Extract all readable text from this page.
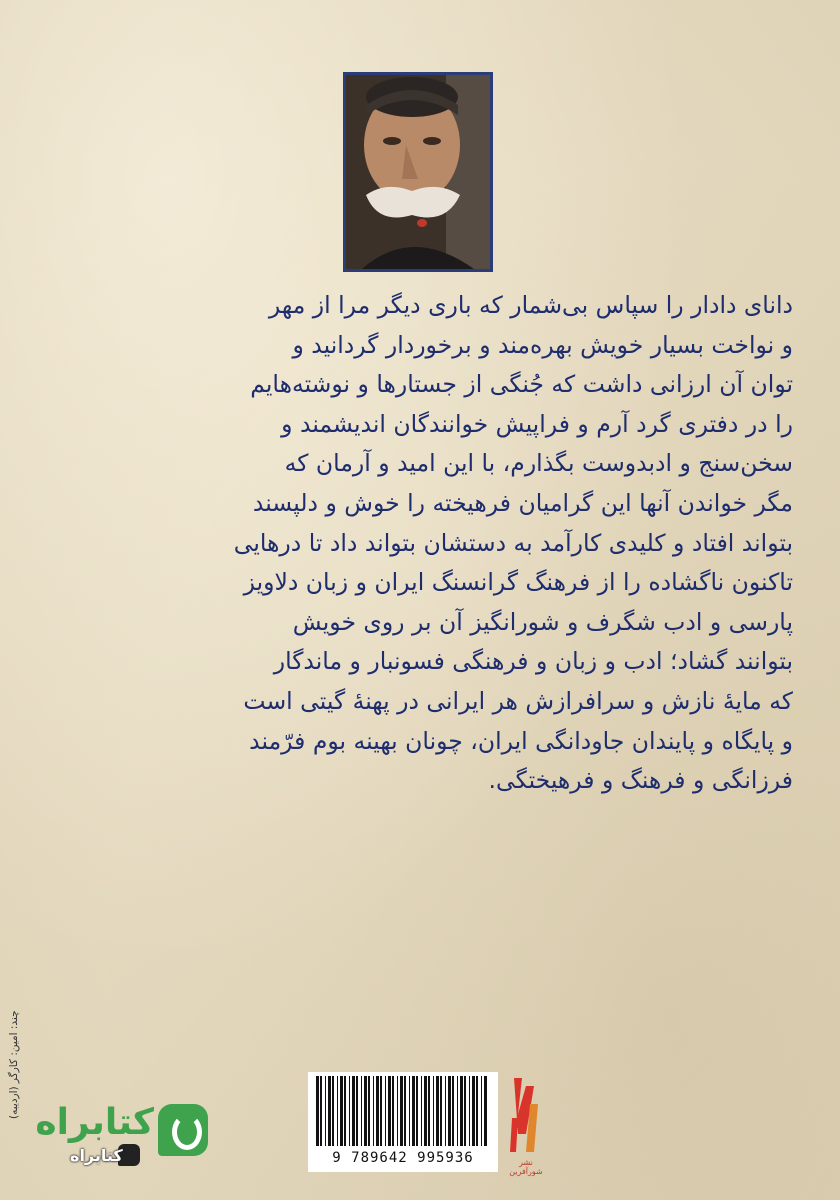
دانای دادار را سپاس بی‌شمار که باری دیگر مرا از مهر
و نواخت بسیار خویش بهره‌مند و برخوردار گردانید و
توان آن ارزانی داشت که جُنگی از جستارها و نوشته‌هایم
را در دفتری گرد آرم و فراپیش خوانندگان اندیشمند و
سخن‌سنج و ادبدوست بگذارم، با این امید و آرمان که
مگر خواندن آنها این گرامیان فرهیخته را خوش و دلپسند
بتواند افتاد و کلیدی کارآمد به دستشان بتواند داد تا درهایی
تاکنون ناگشاده را از فرهنگ گرانسنگ ایران و زبان دلاویز
پارسی و ادب شگرف و شورانگیز آن بر روی خویش
بتوانند گشاد؛ ادب و زبان و فرهنگی فسونبار و ماندگار
که مایهٔ نازش و سرافرازش هر ایرانی در پهنهٔ گیتی است
و پایگاه و پایندان جاودانگی ایران، چونان بهینه بوم فرّمند
فرزانگی و فرهنگ و فرهیختگی.
چند: امین: کارگر (اردیبه)
کتابراه
کتابراه	9 789642 995936	نشر شورآفرین
